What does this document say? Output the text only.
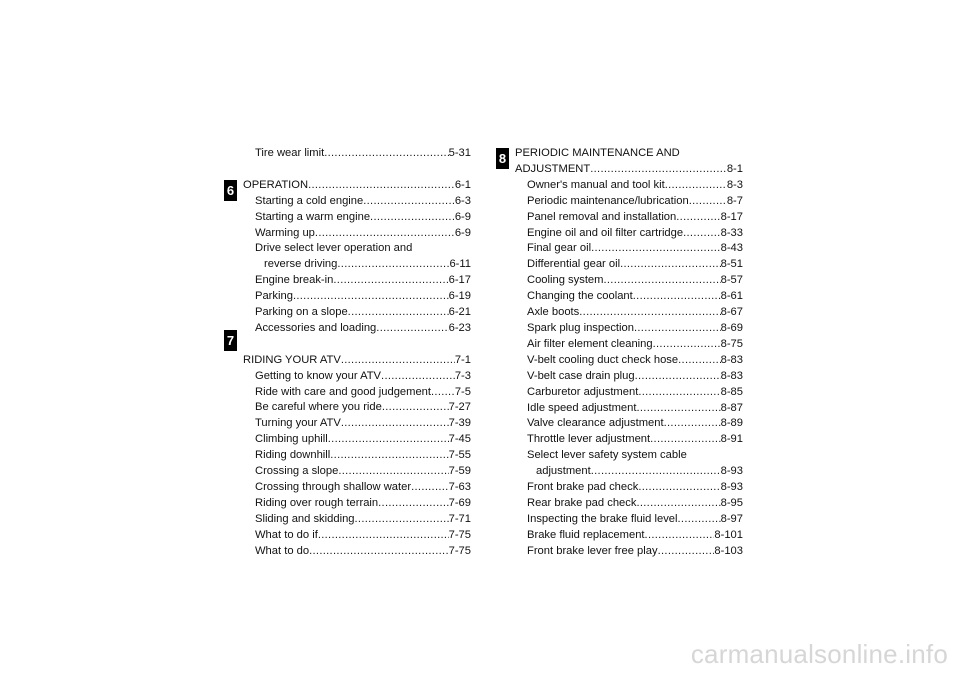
6
7
8
Tire wear limit .....	5-31
OPERATION .....	6-1
Starting a cold engine .....	6-3
Starting a warm engine .....	6-9
Warming up .....	6-9
Drive select lever operation and
reverse driving .....	6-11
Engine break-in .....	6-17
Parking .....	6-19
Parking on a slope .....	6-21
Accessories and loading .....	6-23
RIDING YOUR ATV .....	7-1
Getting to know your ATV .....	7-3
Ride with care and good judgement ..... 7-5
Be careful where you ride .....	7-27
Turning your ATV .....	7-39
Climbing uphill .....	7-45
Riding downhill .....	7-55
Crossing a slope .....	7-59
Crossing through shallow water .....	7-63
Riding over rough terrain .....	7-69
Sliding and skidding .....	7-71
What to do if .....	7-75
What to do .....	7-75
PERIODIC MAINTENANCE AND
ADJUSTMENT .....	8-1
Owner's manual and tool kit .....	8-3
Periodic maintenance/lubrication .....	8-7
Panel removal and installation .....	8-17
Engine oil and oil filter cartridge .....	8-33
Final gear oil .....	8-43
Differential gear oil .....	8-51
Cooling system .....	8-57
Changing the coolant .....	8-61
Axle boots .....	8-67
Spark plug inspection .....	8-69
Air filter element cleaning .....	8-75
V-belt cooling duct check hose .....	8-83
V-belt case drain plug .....	8-83
Carburetor adjustment .....	8-85
Idle speed adjustment .....	8-87
Valve clearance adjustment .....	8-89
Throttle lever adjustment .....	8-91
Select lever safety system cable
adjustment .....	8-93
Front brake pad check .....	8-93
Rear brake pad check .....	8-95
Inspecting the brake fluid level .....	8-97
Brake fluid replacement .....	8-101
Front brake lever free play .....	8-103
carmanualsonline.info
